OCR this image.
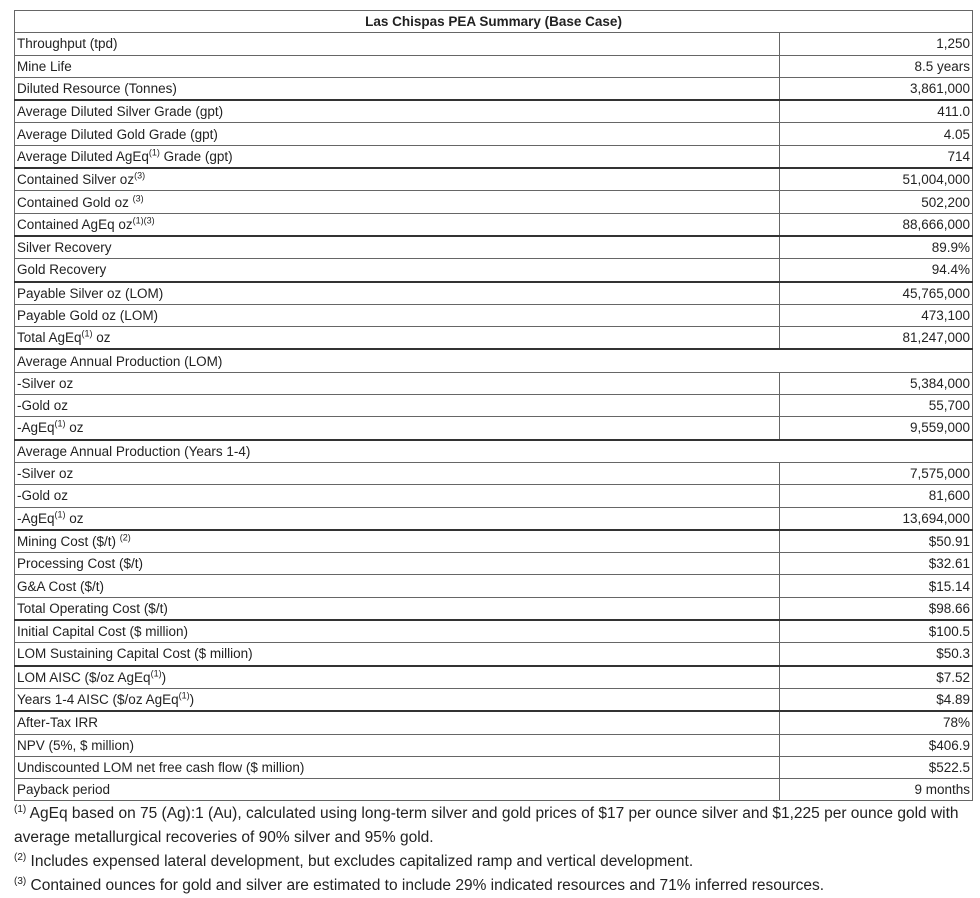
Las Chispas PEA Summary (Base Case)	
Throughput (tpd)	1,250
Mine Life	8.5 years
Diluted Resource (Tonnes)	3,861,000
Average Diluted Silver Grade (gpt)	411.0
Average Diluted Gold Grade (gpt)	4.05
Average Diluted AgEq$^{(1)}$ Grade (gpt)	714
Contained Silver $oz^{(3)}$	51,004,000
Contained Gold oz $^{(3)}$	502,200
Contained AgEq $oz^{(1)(3)}$	88,666,000
Silver Recovery	89.9%
Gold Recovery	94.4%
Payable Silver oz (LOM)	45,765,000
Payable Gold oz (LOM)	473,100
Total AgEq$^{(1)}$ oz	81,247,000
Average Annual Production (LOM)	
-Silver oz	5,384,000
-Gold oz	55,700
-AgEq$^{(1)}$ oz	9,559,000
Average Annual Production (Years 1-4)	
-Silver oz	7,575,000
-Gold oz	81,600
-AgEq$^{(1)}$ oz	13,694,000
Mining Cost ($/t) $^{(2)}$	$50.91
Processing Cost ($/t)	$32.61
G&A Cost ($/t)	$15.14
Total Operating Cost ($/t)	$98.66
Initial Capital Cost ($ million)	$100.5
LOM Sustaining Capital Cost ($ million)	$50.3
LOM AISC ($/oz AgEq$^{(1)}$)	$7.52
Years 1-4 AISC ($/oz AgEq$^{(1)}$)	$4.89
After-Tax IRR	78%
NPV (5%, $ million)	$406.9
Undiscounted LOM net free cash flow ($ million)	$522.5
Payback period	9 months

$^{(1)}$ AgEq based on 75 (Ag):1 (Au), calculated using long-term silver and gold prices of $17 per ounce silver and $1,225 per ounce gold with average metallurgical recoveries of 90% silver and 95% gold.

$^{(2)}$ Includes expensed lateral development, but excludes capitalized ramp and vertical development.

$^{(3)}$ Contained ounces for gold and silver are estimated to include 29% indicated resources and 71% inferred resources.
